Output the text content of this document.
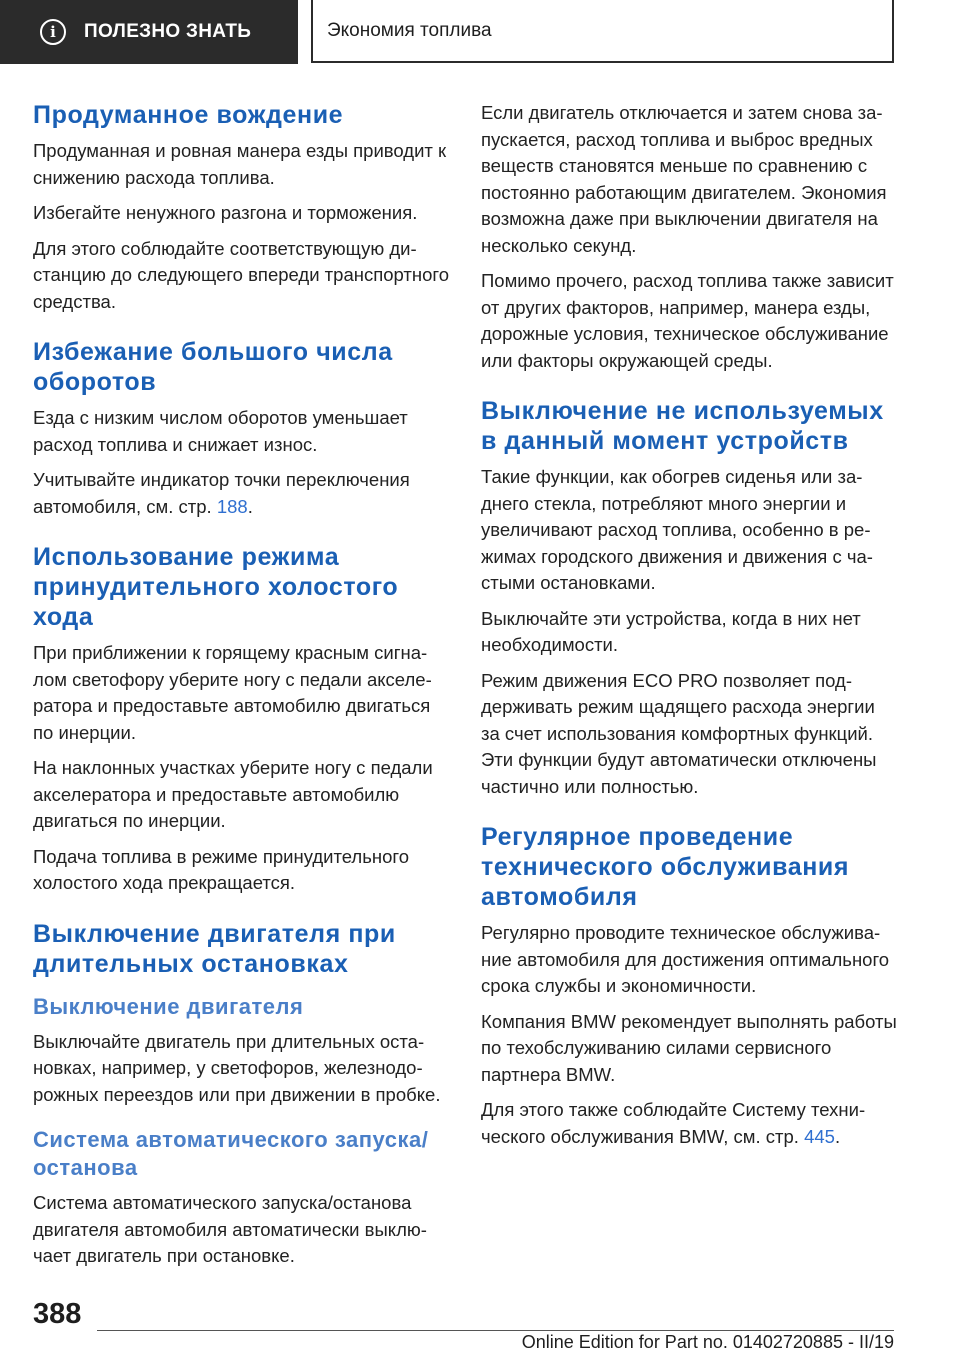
i	ПОЛЕЗНО ЗНАТЬ	Экономия топлива
Продуманное вождение

Продуманная и ровная манера езды приводит к снижению расхода топлива.

Избегайте ненужного разгона и торможения.

Для этого соблюдайте соответствующую дистанцию до следующего впереди транспортного средства.

Избежание большого числа оборотов

Езда с низким числом оборотов уменьшает расход топлива и снижает износ.

Учитывайте индикатор точки переключения автомобиля, см. стр. 188.

Использование режима принудительного холостого хода

При приближении к горящему красным сигналом светофору уберите ногу с педали акселератора и предоставьте автомобилю двигаться по инерции.

На наклонных участках уберите ногу с педали акселератора и предоставьте автомобилю двигаться по инерции.

Подача топлива в режиме принудительного холостого хода прекращается.

Выключение двигателя при длительных остановках
Выключение двигателя

Выключайте двигатель при длительных остановках, например, у светофоров, железнодорожных переездов или при движении в пробке.

Система автоматического запуска/останова

Система автоматического запуска/останова двигателя автомобиля автоматически выключает двигатель при остановке.

Если двигатель отключается и затем снова запускается, расход топлива и выброс вредных веществ становятся меньше по сравнению с постоянно работающим двигателем. Экономия возможна даже при выключении двигателя на несколько секунд.

Помимо прочего, расход топлива также зависит от других факторов, например, манера езды, дорожные условия, техническое обслуживание или факторы окружающей среды.

Выключение не используемых в данный момент устройств

Такие функции, как обогрев сиденья или заднего стекла, потребляют много энергии и увеличивают расход топлива, особенно в режимах городского движения и движения с частыми остановками.

Выключайте эти устройства, когда в них нет необходимости.

Режим движения ECO PRO позволяет поддерживать режим щадящего расхода энергии за счет использования комфортных функций. Эти функции будут автоматически отключены частично или полностью.

Регулярное проведение технического обслуживания автомобиля

Регулярно проводите техническое обслуживание автомобиля для достижения оптимального срока службы и экономичности.

Компания BMW рекомендует выполнять работы по техобслуживанию силами сервисного партнера BMW.

Для этого также соблюдайте Систему технического обслуживания BMW, см. стр. 445.

388
Online Edition for Part no. 01402720885 - II/19
